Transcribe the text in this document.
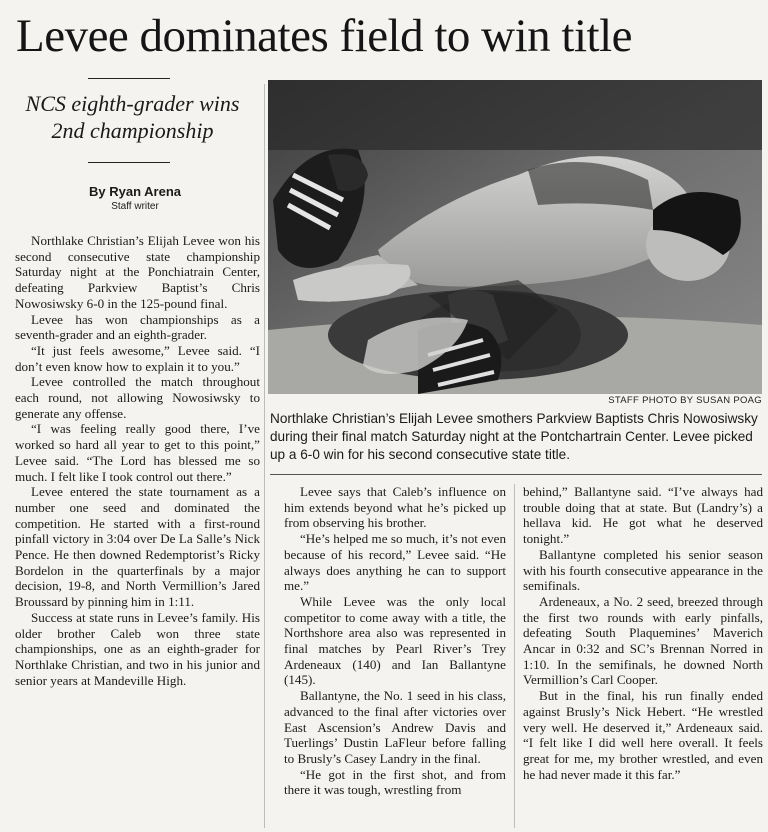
Levee dominates field to win title
NCS eighth-grader wins
2nd championship
By Ryan Arena
Staff writer

Northlake Christian’s Elijah Levee won his second consecutive state championship Saturday night at the Ponchiatrain Center, defeating Parkview Baptist’s Chris Nowosiwsky 6-0 in the 125-pound final.

Levee has won championships as a seventh-grader and an eighth-grader.

“It just feels awesome,” Levee said. “I don’t even know how to explain it to you.”

Levee controlled the match throughout each round, not allowing Nowosiwsky to generate any offense.

“I was feeling really good there, I’ve worked so hard all year to get to this point,” Levee said. “The Lord has blessed me so much. I felt like I took control out there.”

Levee entered the state tournament as a number one seed and dominated the competition. He started with a first-round pinfall victory in 3:04 over De La Salle’s Nick Pence. He then downed Redemptorist’s Ricky Bordelon in the quarterfinals by a major decision, 19-8, and North Vermillion’s Jared Broussard by pinning him in 1:11.

Success at state runs in Levee’s family. His older brother Caleb won three state championships, one as an eighth-grader for Northlake Christian, and two in his junior and senior years at Mandeville High.

STAFF PHOTO BY SUSAN POAG
Northlake Christian’s Elijah Levee smothers Parkview Baptists Chris Nowosiwsky during their final match Saturday night at the Pontchartrain Center. Levee picked up a 6-0 win for his second consecutive state title.

Levee says that Caleb’s influence on him extends beyond what he’s picked up from observing his brother.

“He’s helped me so much, it’s not even because of his record,” Levee said. “He always does anything he can to support me.”

While Levee was the only local competitor to come away with a title, the Northshore area also was represented in final matches by Pearl River’s Trey Ardeneaux (140) and Ian Ballantyne (145).

Ballantyne, the No. 1 seed in his class, advanced to the final after victories over East Ascension’s Andrew Davis and Tuerlings’ Dustin LaFleur before falling to Brusly’s Casey Landry in the final.

“He got in the first shot, and from there it was tough, wrestling from

behind,” Ballantyne said. “I’ve always had trouble doing that at state. But (Landry’s) a hellava kid. He got what he deserved tonight.”

Ballantyne completed his senior season with his fourth consecutive appearance in the semifinals.

Ardeneaux, a No. 2 seed, breezed through the first two rounds with early pinfalls, defeating South Plaquemines’ Maverich Ancar in 0:32 and SC’s Brennan Norred in 1:10. In the semifinals, he downed North Vermillion’s Carl Cooper.

But in the final, his run finally ended against Brusly’s Nick Hebert. “He wrestled very well. He deserved it,” Ardeneaux said. “I felt like I did well here overall. It feels great for me, my brother wrestled, and even he had never made it this far.”
